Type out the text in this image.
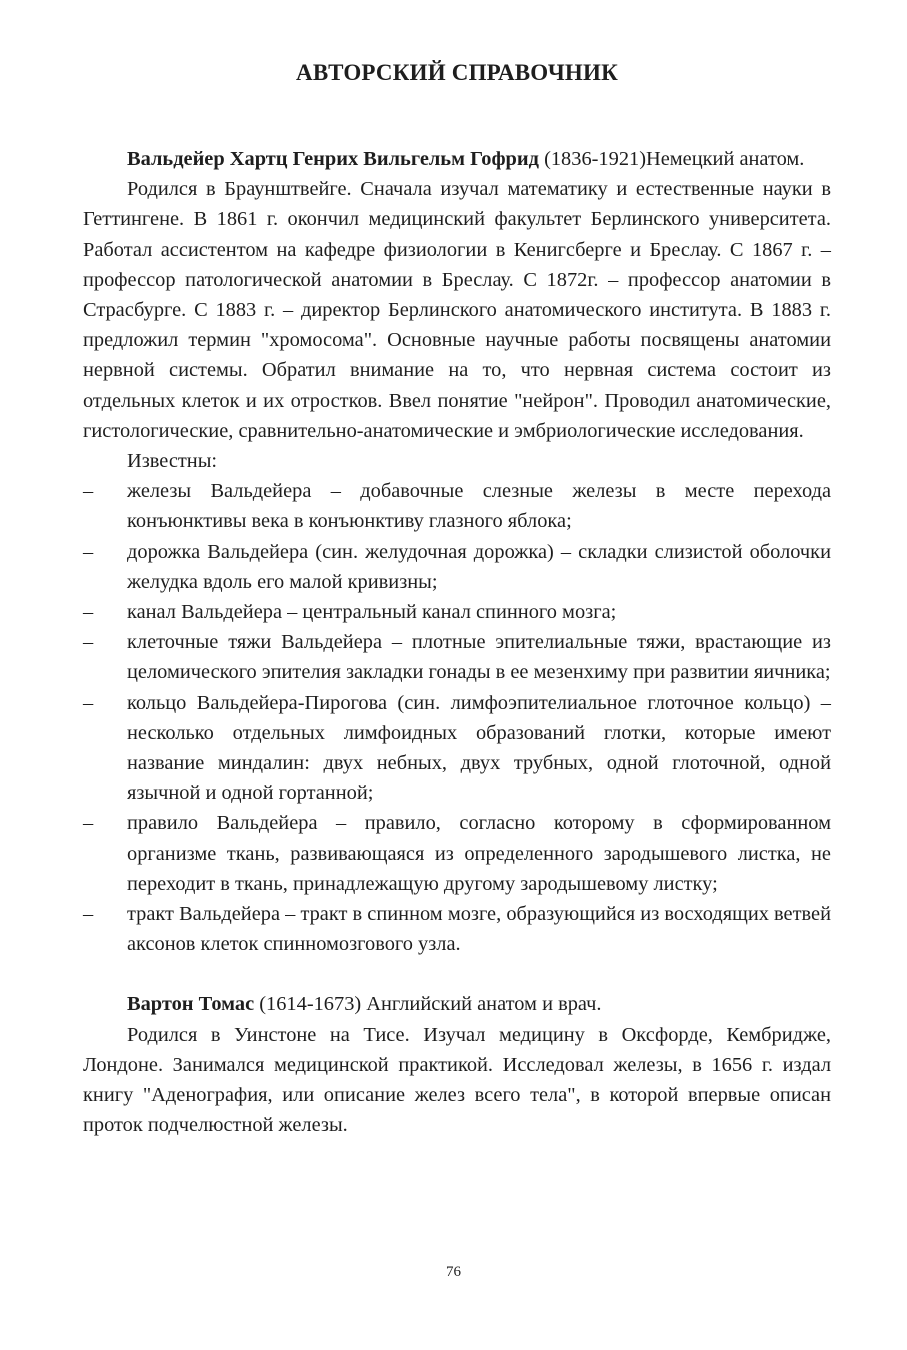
АВТОРСКИЙ СПРАВОЧНИК

Вальдейер Хартц Генрих Вильгельм Гофрид (1836-1921)Немецкий анатом.

Родился в Браунштвейге. Сначала изучал математику и естественные науки в Геттингене. В 1861 г. окончил медицинский факультет Берлинского университета. Работал ассистентом на кафедре физиологии в Кенигсберге и Бреслау. С 1867 г. – профессор патологической анатомии в Бреслау. С 1872г. – профессор анатомии в Страсбурге. С 1883 г. – директор Берлинского анатомического института. В 1883 г. предложил термин "хромосома". Основные научные работы посвящены анатомии нервной системы. Обратил внимание на то, что нервная система состоит из отдельных клеток и их отростков. Ввел понятие "нейрон". Проводил анатомические, гистологические, сравнительно-анатомические и эмбриологические исследования.

Известны:

– железы Вальдейера – добавочные слезные железы в месте перехода конъюнктивы века в конъюнктиву глазного яблока;
– дорожка Вальдейера (син. желудочная дорожка) – складки слизистой оболочки желудка вдоль его малой кривизны;
– канал Вальдейера – центральный канал спинного мозга;
– клеточные тяжи Вальдейера – плотные эпителиальные тяжи, врастающие из целомического эпителия закладки гонады в ее мезенхиму при развитии яичника;
– кольцо Вальдейера-Пирогова (син. лимфоэпителиальное глоточное кольцо) – несколько отдельных лимфоидных образований глотки, которые имеют название миндалин: двух небных, двух трубных, одной глоточной, одной язычной и одной гортанной;
– правило Вальдейера – правило, согласно которому в сформированном организме ткань, развивающаяся из определенного зародышевого листка, не переходит в ткань, принадлежащую другому зародышевому листку;
– тракт Вальдейера – тракт в спинном мозге, образующийся из восходящих ветвей аксонов клеток спинномозгового узла.

Вартон Томас (1614-1673) Английский анатом и врач.

Родился в Уинстоне на Тисе. Изучал медицину в Оксфорде, Кембридже, Лондоне. Занимался медицинской практикой. Исследовал железы, в 1656 г. издал книгу "Аденография, или описание желез всего тела", в которой впервые описан проток подчелюстной железы.

76
